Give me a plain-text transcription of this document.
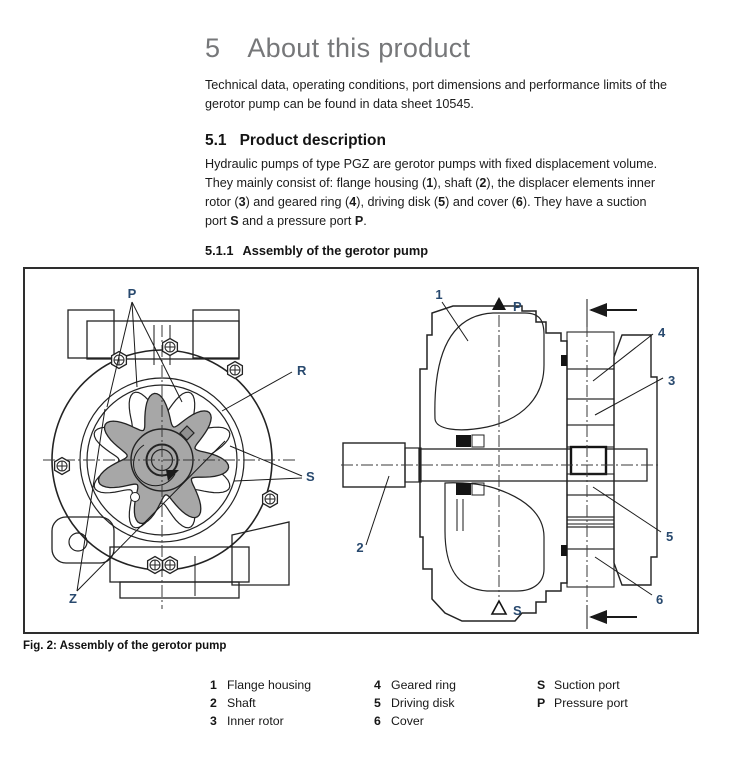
5 About this product
Technical data, operating conditions, port dimensions and performance limits of the
gerotor pump can be found in data sheet 10545.
5.1 Product description
Hydraulic pumps of type PGZ are gerotor pumps with fixed displacement volume.
They mainly consist of: flange housing (1), shaft (2), the displacer elements inner
rotor (3) and geared ring (4), driving disk (5) and cover (6). They have a suction
port S and a pressure port P.
5.1.1 Assembly of the gerotor pump
P
R
S
Z
P
S
1
2
3
4
5
6
Fig. 2: Assembly of the gerotor pump
1 Flange housing
2 Shaft
3 Inner rotor
4 Geared ring
5 Driving disk
6 Cover
S Suction port
P Pressure port
